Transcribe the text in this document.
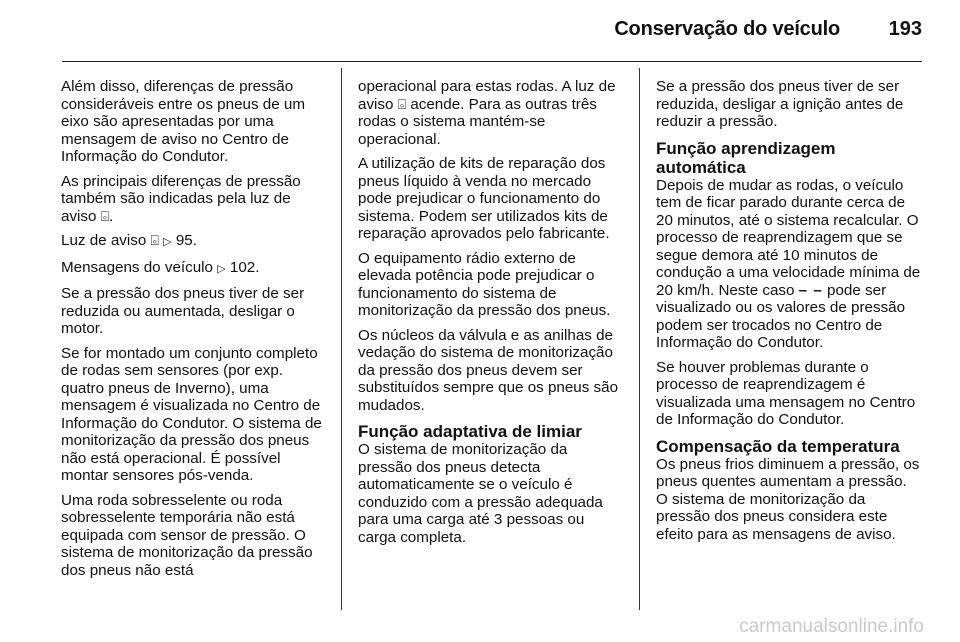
Conservação do veículo 193

Além disso, diferenças de pressão consideráveis entre os pneus de um eixo são apresentadas por uma mensagem de aviso no Centro de Informação do Condutor.

As principais diferenças de pressão também são indicadas pela luz de aviso ⌻.

Luz de aviso ⌻ ▷ 95.

Mensagens do veículo ▷ 102.

Se a pressão dos pneus tiver de ser reduzida ou aumentada, desligar o motor.

Se for montado um conjunto completo de rodas sem sensores (por exp. quatro pneus de Inverno), uma mensagem é visualizada no Centro de Informação do Condutor. O sistema de monitorização da pressão dos pneus não está operacional. É possível montar sensores pós-venda.

Uma roda sobresselente ou roda sobresselente temporária não está equipada com sensor de pressão. O sistema de monitorização da pressão dos pneus não está

operacional para estas rodas. A luz de aviso ⌻ acende. Para as outras três rodas o sistema mantém-se operacional.

A utilização de kits de reparação dos pneus líquido à venda no mercado pode prejudicar o funcionamento do sistema. Podem ser utilizados kits de reparação aprovados pelo fabricante.

O equipamento rádio externo de elevada potência pode prejudicar o funcionamento do sistema de monitorização da pressão dos pneus.

Os núcleos da válvula e as anilhas de vedação do sistema de monitorização da pressão dos pneus devem ser substituídos sempre que os pneus são mudados.

Função adaptativa de limiar

O sistema de monitorização da pressão dos pneus detecta automaticamente se o veículo é conduzido com a pressão adequada para uma carga até 3 pessoas ou carga completa.

Se a pressão dos pneus tiver de ser reduzida, desligar a ignição antes de reduzir a pressão.

Função aprendizagem automática

Depois de mudar as rodas, o veículo tem de ficar parado durante cerca de 20 minutos, até o sistema recalcular. O processo de reaprendizagem que se segue demora até 10 minutos de condução a uma velocidade mínima de 20 km/h. Neste caso – – pode ser visualizado ou os valores de pressão podem ser trocados no Centro de Informação do Condutor.

Se houver problemas durante o processo de reaprendizagem é visualizada uma mensagem no Centro de Informação do Condutor.

Compensação da temperatura

Os pneus frios diminuem a pressão, os pneus quentes aumentam a pressão. O sistema de monitorização da pressão dos pneus considera este efeito para as mensagens de aviso.

carmanualsonline.info
